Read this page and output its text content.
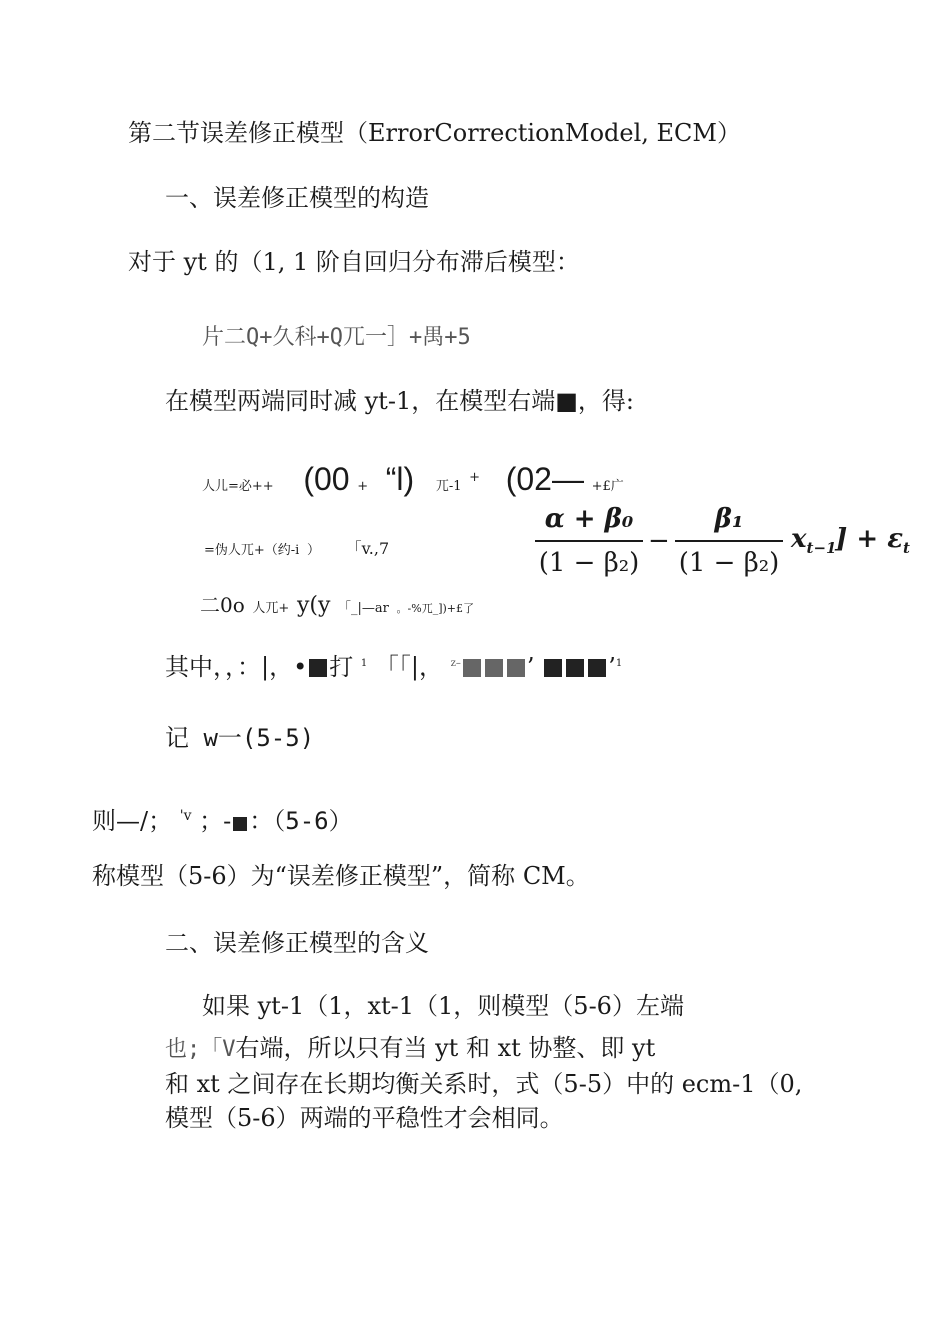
第二节误差修正模型（ErrorCorrectionModel, ECM）
一、误差修正模型的构造
对于 yt 的（1, 1 阶自回归分布滞后模型：
片二Q+久科+Q兀一］+禺+5
在模型两端同时减 yt-1，在模型右端■，得:
人儿=必++ (00 + “l) 兀-1 + (02— +£广
=伪人兀+（约-i ） 「v.,7
α + β₀
(1 − β₂)
−
β₁
(1 − β₂)
$x_{t-1}$
] + $\varepsilon_t$
二0o 人兀+ y(y 「_|—ar 。-%兀_])+£了
其中，，：|，• 打 $^1$ 「「|， $^{z-}$	’	’$^1$
记 w一(5-5)
则—/； $^{'v}$ ；- ：（5-6）
称模型（5-6）为“误差修正模型”，简称 CM。
二、误差修正模型的含义
如果 yt-1（1，xt-1（1，则模型（5-6）左端
也;「V右端，所以只有当 yt 和 xt 协整、即 yt
和 xt 之间存在长期均衡关系时，式（5-5）中的 ecm-1（0,
模型（5-6）两端的平稳性才会相同。
